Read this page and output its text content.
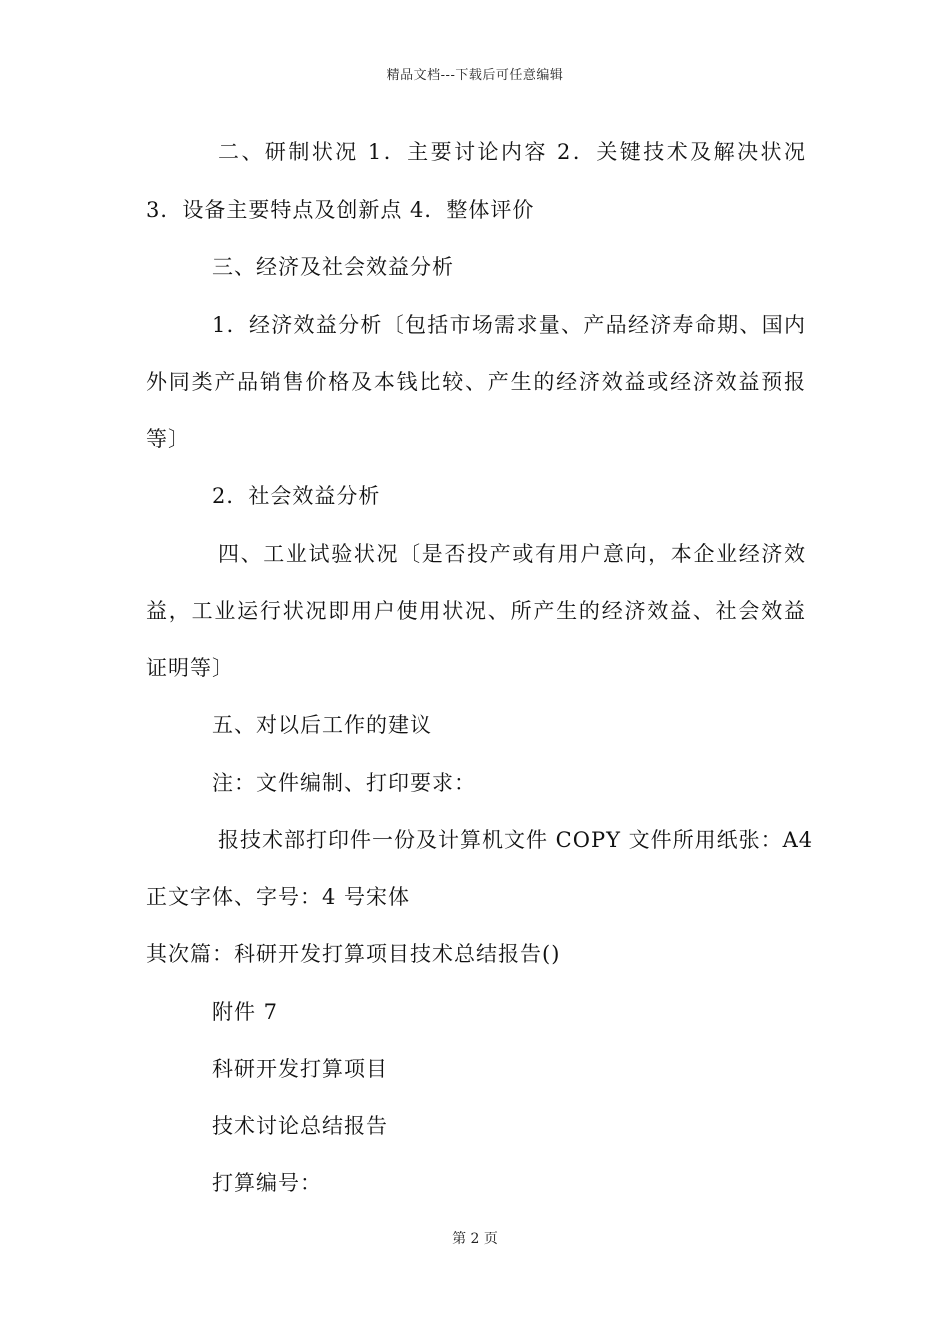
精品文档---下载后可任意编辑
二、研制状况 1．主要讨论内容 2．关键技术及解决状况
3．设备主要特点及创新点 4．整体评价
三、经济及社会效益分析
1．经济效益分析〔包括市场需求量、产品经济寿命期、国内
外同类产品销售价格及本钱比较、产生的经济效益或经济效益预报
等〕
2．社会效益分析
四、工业试验状况〔是否投产或有用户意向，本企业经济效
益，工业运行状况即用户使用状况、所产生的经济效益、社会效益
证明等〕
五、对以后工作的建议
注：文件编制、打印要求：
报技术部打印件一份及计算机文件 COPY 文件所用纸张：A4
正文字体、字号：4 号宋体
其次篇：科研开发打算项目技术总结报告()
附件 7
科研开发打算项目
技术讨论总结报告
打算编号：
第 2 页
